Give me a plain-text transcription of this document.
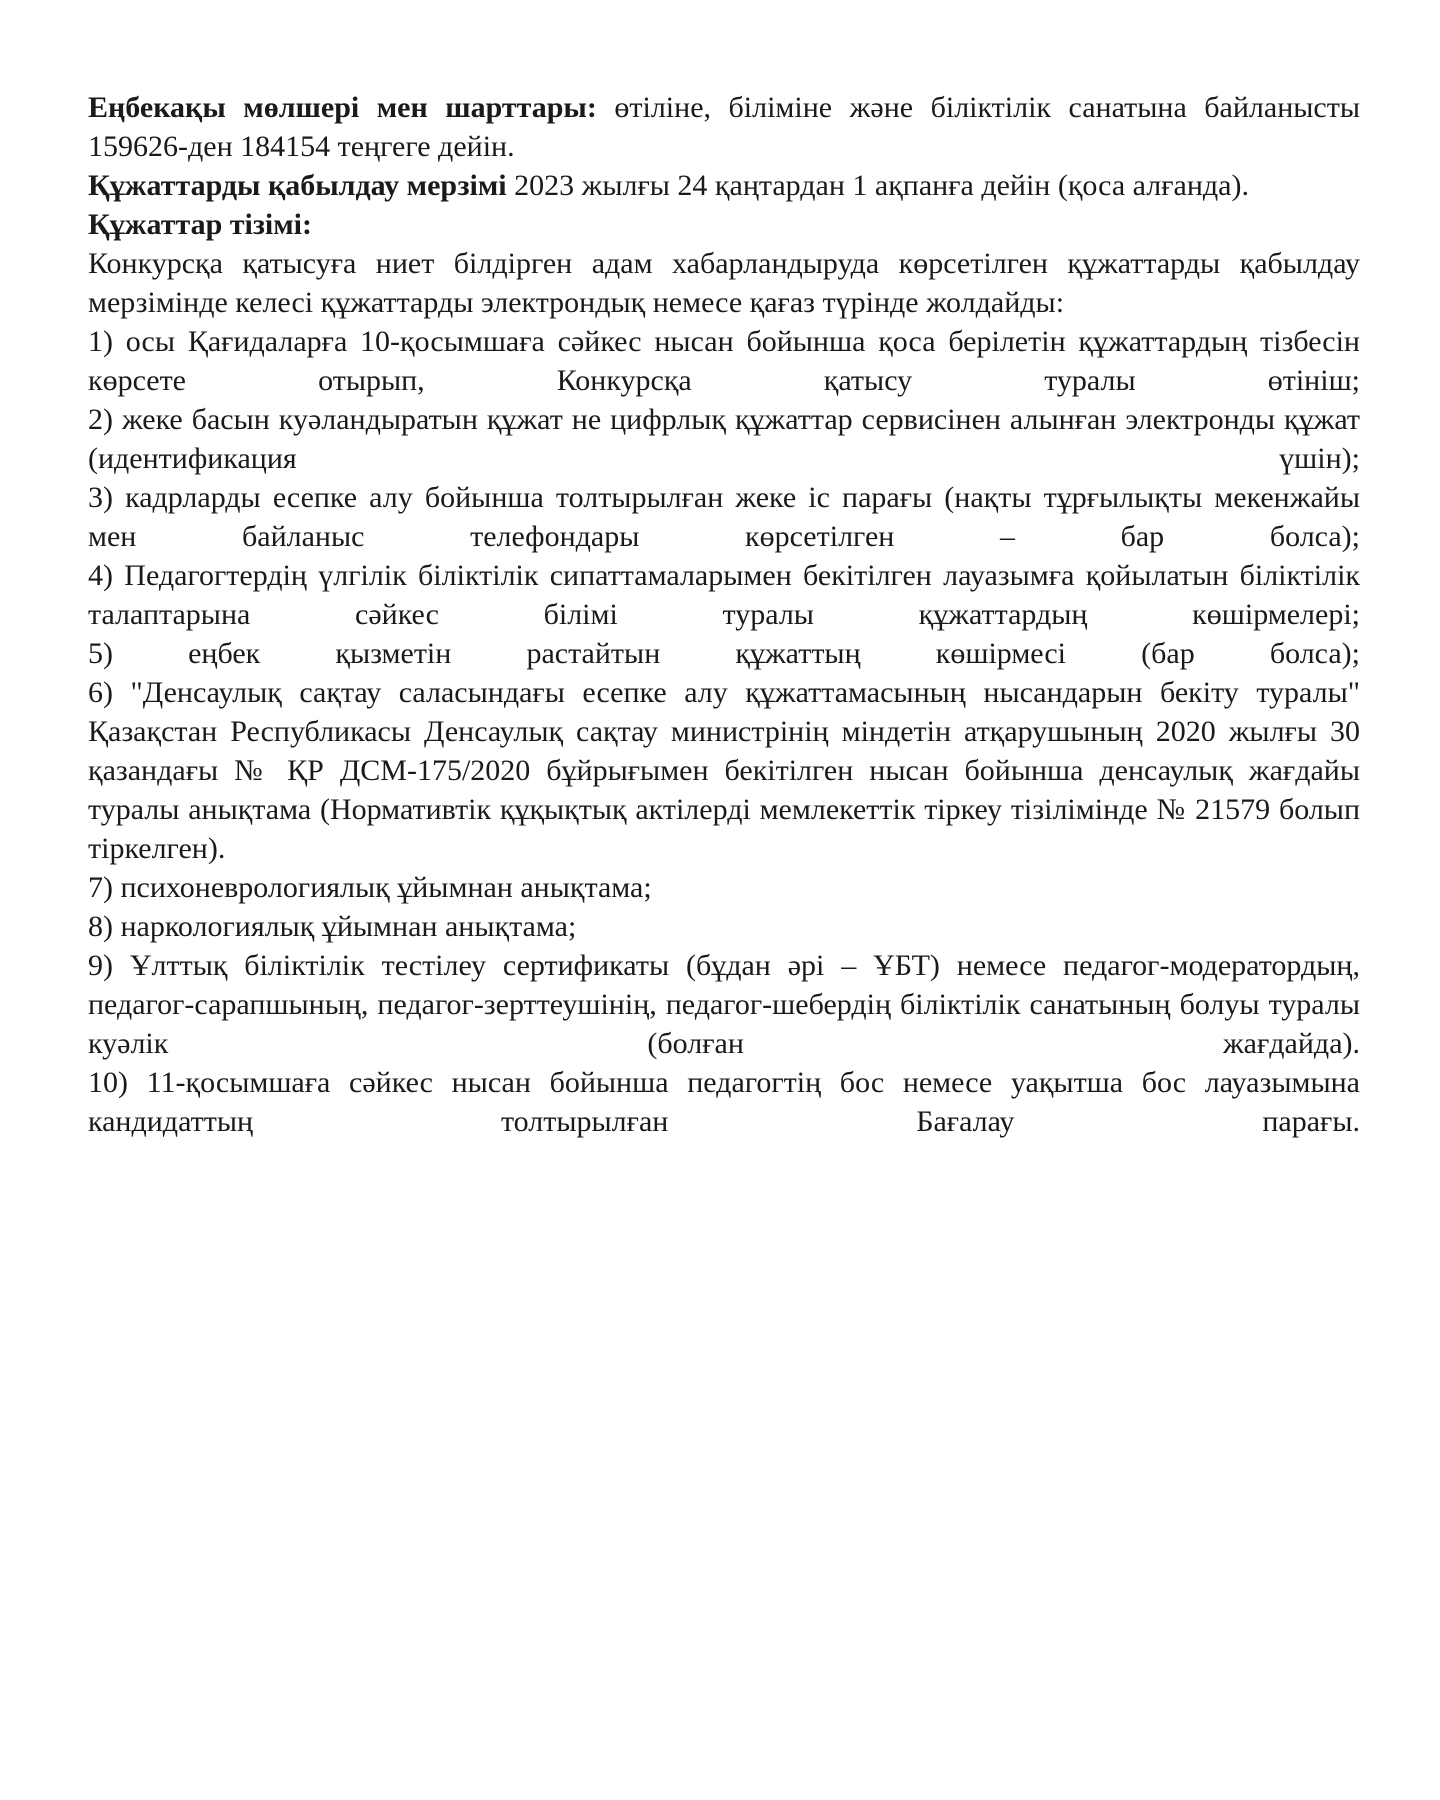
Еңбекақы мөлшері мен шарттары: өтіліне, біліміне және біліктілік санатына байланысты 159626-ден 184154 теңгеге дейін.

Құжаттарды қабылдау мерзімі 2023 жылғы 24 қаңтардан 1 ақпанға дейін (қоса алғанда).

Құжаттар тізімі:

Конкурсқа қатысуға ниет білдірген адам хабарландыруда көрсетілген құжаттарды қабылдау мерзімінде келесі құжаттарды электрондық немесе қағаз түрінде жолдайды:

1) осы Қағидаларға 10-қосымшаға сәйкес нысан бойынша қоса берілетін құжаттардың тізбесін көрсете отырып, Конкурсқа қатысу туралы өтініш;

2) жеке басын куәландыратын құжат не цифрлық құжаттар сервисінен алынған электронды құжат (идентификация үшін);

3) кадрларды есепке алу бойынша толтырылған жеке іс парағы (нақты тұрғылықты мекенжайы мен байланыс телефондары көрсетілген – бар болса);

4) Педагогтердің үлгілік біліктілік сипаттамаларымен бекітілген лауазымға қойылатын біліктілік талаптарына сәйкес білімі туралы құжаттардың көшірмелері;

5) еңбек қызметін растайтын құжаттың көшірмесі (бар болса);

6) "Денсаулық сақтау саласындағы есепке алу құжаттамасының нысандарын бекіту туралы" Қазақстан Республикасы Денсаулық сақтау министрінің міндетін атқарушының 2020 жылғы 30 қазандағы № ҚР ДСМ-175/2020 бұйрығымен бекітілген нысан бойынша денсаулық жағдайы туралы анықтама (Нормативтік құқықтық актілерді мемлекеттік тіркеу тізілімінде № 21579 болып тіркелген).

7) психоневрологиялық ұйымнан анықтама;

8) наркологиялық ұйымнан анықтама;

9) Ұлттық біліктілік тестілеу сертификаты (бұдан әрі – ҰБТ) немесе педагог-модератордың, педагог-сарапшының, педагог-зерттеушінің, педагог-шебердің біліктілік санатының болуы туралы куәлік (болған жағдайда).

10) 11-қосымшаға сәйкес нысан бойынша педагогтің бос немесе уақытша бос лауазымына кандидаттың толтырылған Бағалау парағы.
